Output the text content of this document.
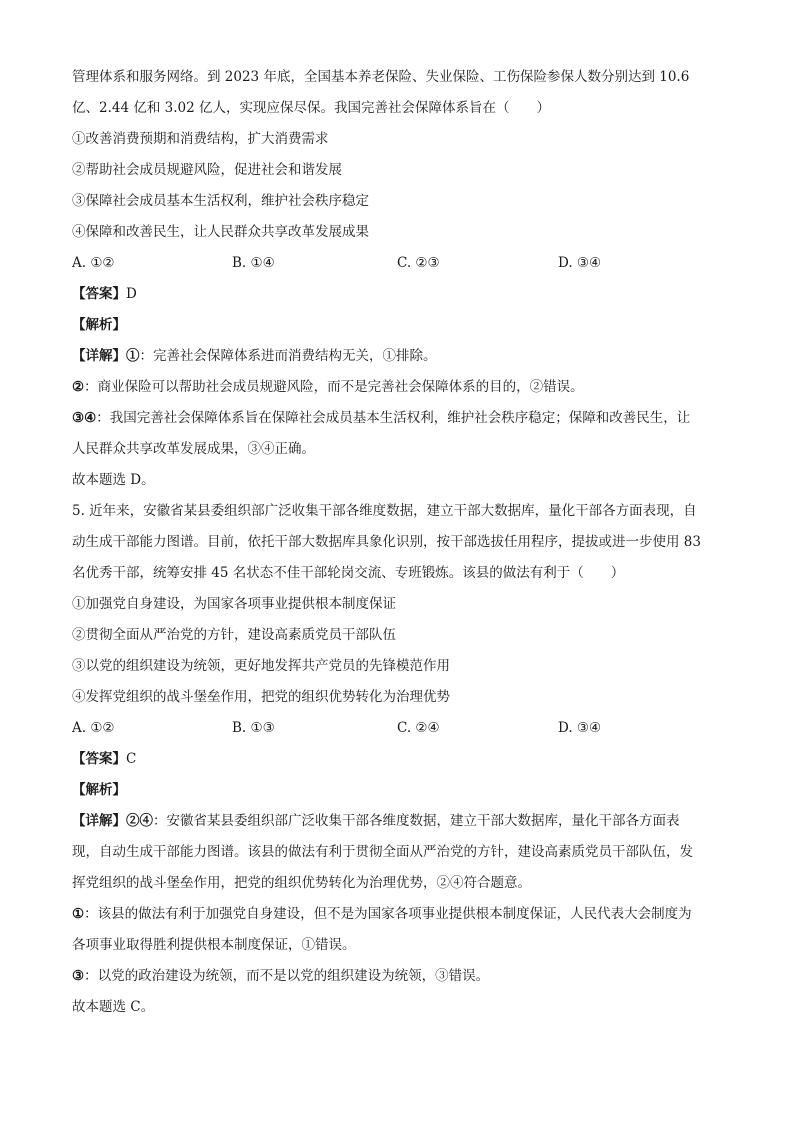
管理体系和服务网络。到 2023 年底，全国基本养老保险、失业保险、工伤保险参保人数分别达到 10.6
亿、2.44 亿和 3.02 亿人，实现应保尽保。我国完善社会保障体系旨在（　　）
①改善消费预期和消费结构，扩大消费需求
②帮助社会成员规避风险，促进社会和谐发展
③保障社会成员基本生活权利，维护社会秩序稳定
④保障和改善民生，让人民群众共享改革发展成果
A. ①②	B. ①④	C. ②③	D. ③④
【答案】D
【解析】
【详解】①：完善社会保障体系进而消费结构无关，①排除。
②：商业保险可以帮助社会成员规避风险，而不是完善社会保障体系的目的，②错误。
③④：我国完善社会保障体系旨在保障社会成员基本生活权利，维护社会秩序稳定；保障和改善民生，让
人民群众共享改革发展成果，③④正确。
故本题选 D。
5. 近年来，安徽省某县委组织部广泛收集干部各维度数据，建立干部大数据库，量化干部各方面表现，自
动生成干部能力图谱。目前，依托干部大数据库具象化识别，按干部选拔任用程序，提拔或进一步使用 83
名优秀干部，统筹安排 45 名状态不佳干部轮岗交流、专班锻炼。该县的做法有利于（　　）
①加强党自身建设，为国家各项事业提供根本制度保证
②贯彻全面从严治党的方针，建设高素质党员干部队伍
③以党的组织建设为统领，更好地发挥共产党员的先锋模范作用
④发挥党组织的战斗堡垒作用，把党的组织优势转化为治理优势
A. ①②	B. ①③	C. ②④	D. ③④
【答案】C
【解析】
【详解】②④：安徽省某县委组织部广泛收集干部各维度数据，建立干部大数据库，量化干部各方面表
现，自动生成干部能力图谱。该县的做法有利于贯彻全面从严治党的方针，建设高素质党员干部队伍，发
挥党组织的战斗堡垒作用，把党的组织优势转化为治理优势，②④符合题意。
①：该县的做法有利于加强党自身建设，但不是为国家各项事业提供根本制度保证，人民代表大会制度为
各项事业取得胜利提供根本制度保证，①错误。
③：以党的政治建设为统领，而不是以党的组织建设为统领，③错误。
故本题选 C。
